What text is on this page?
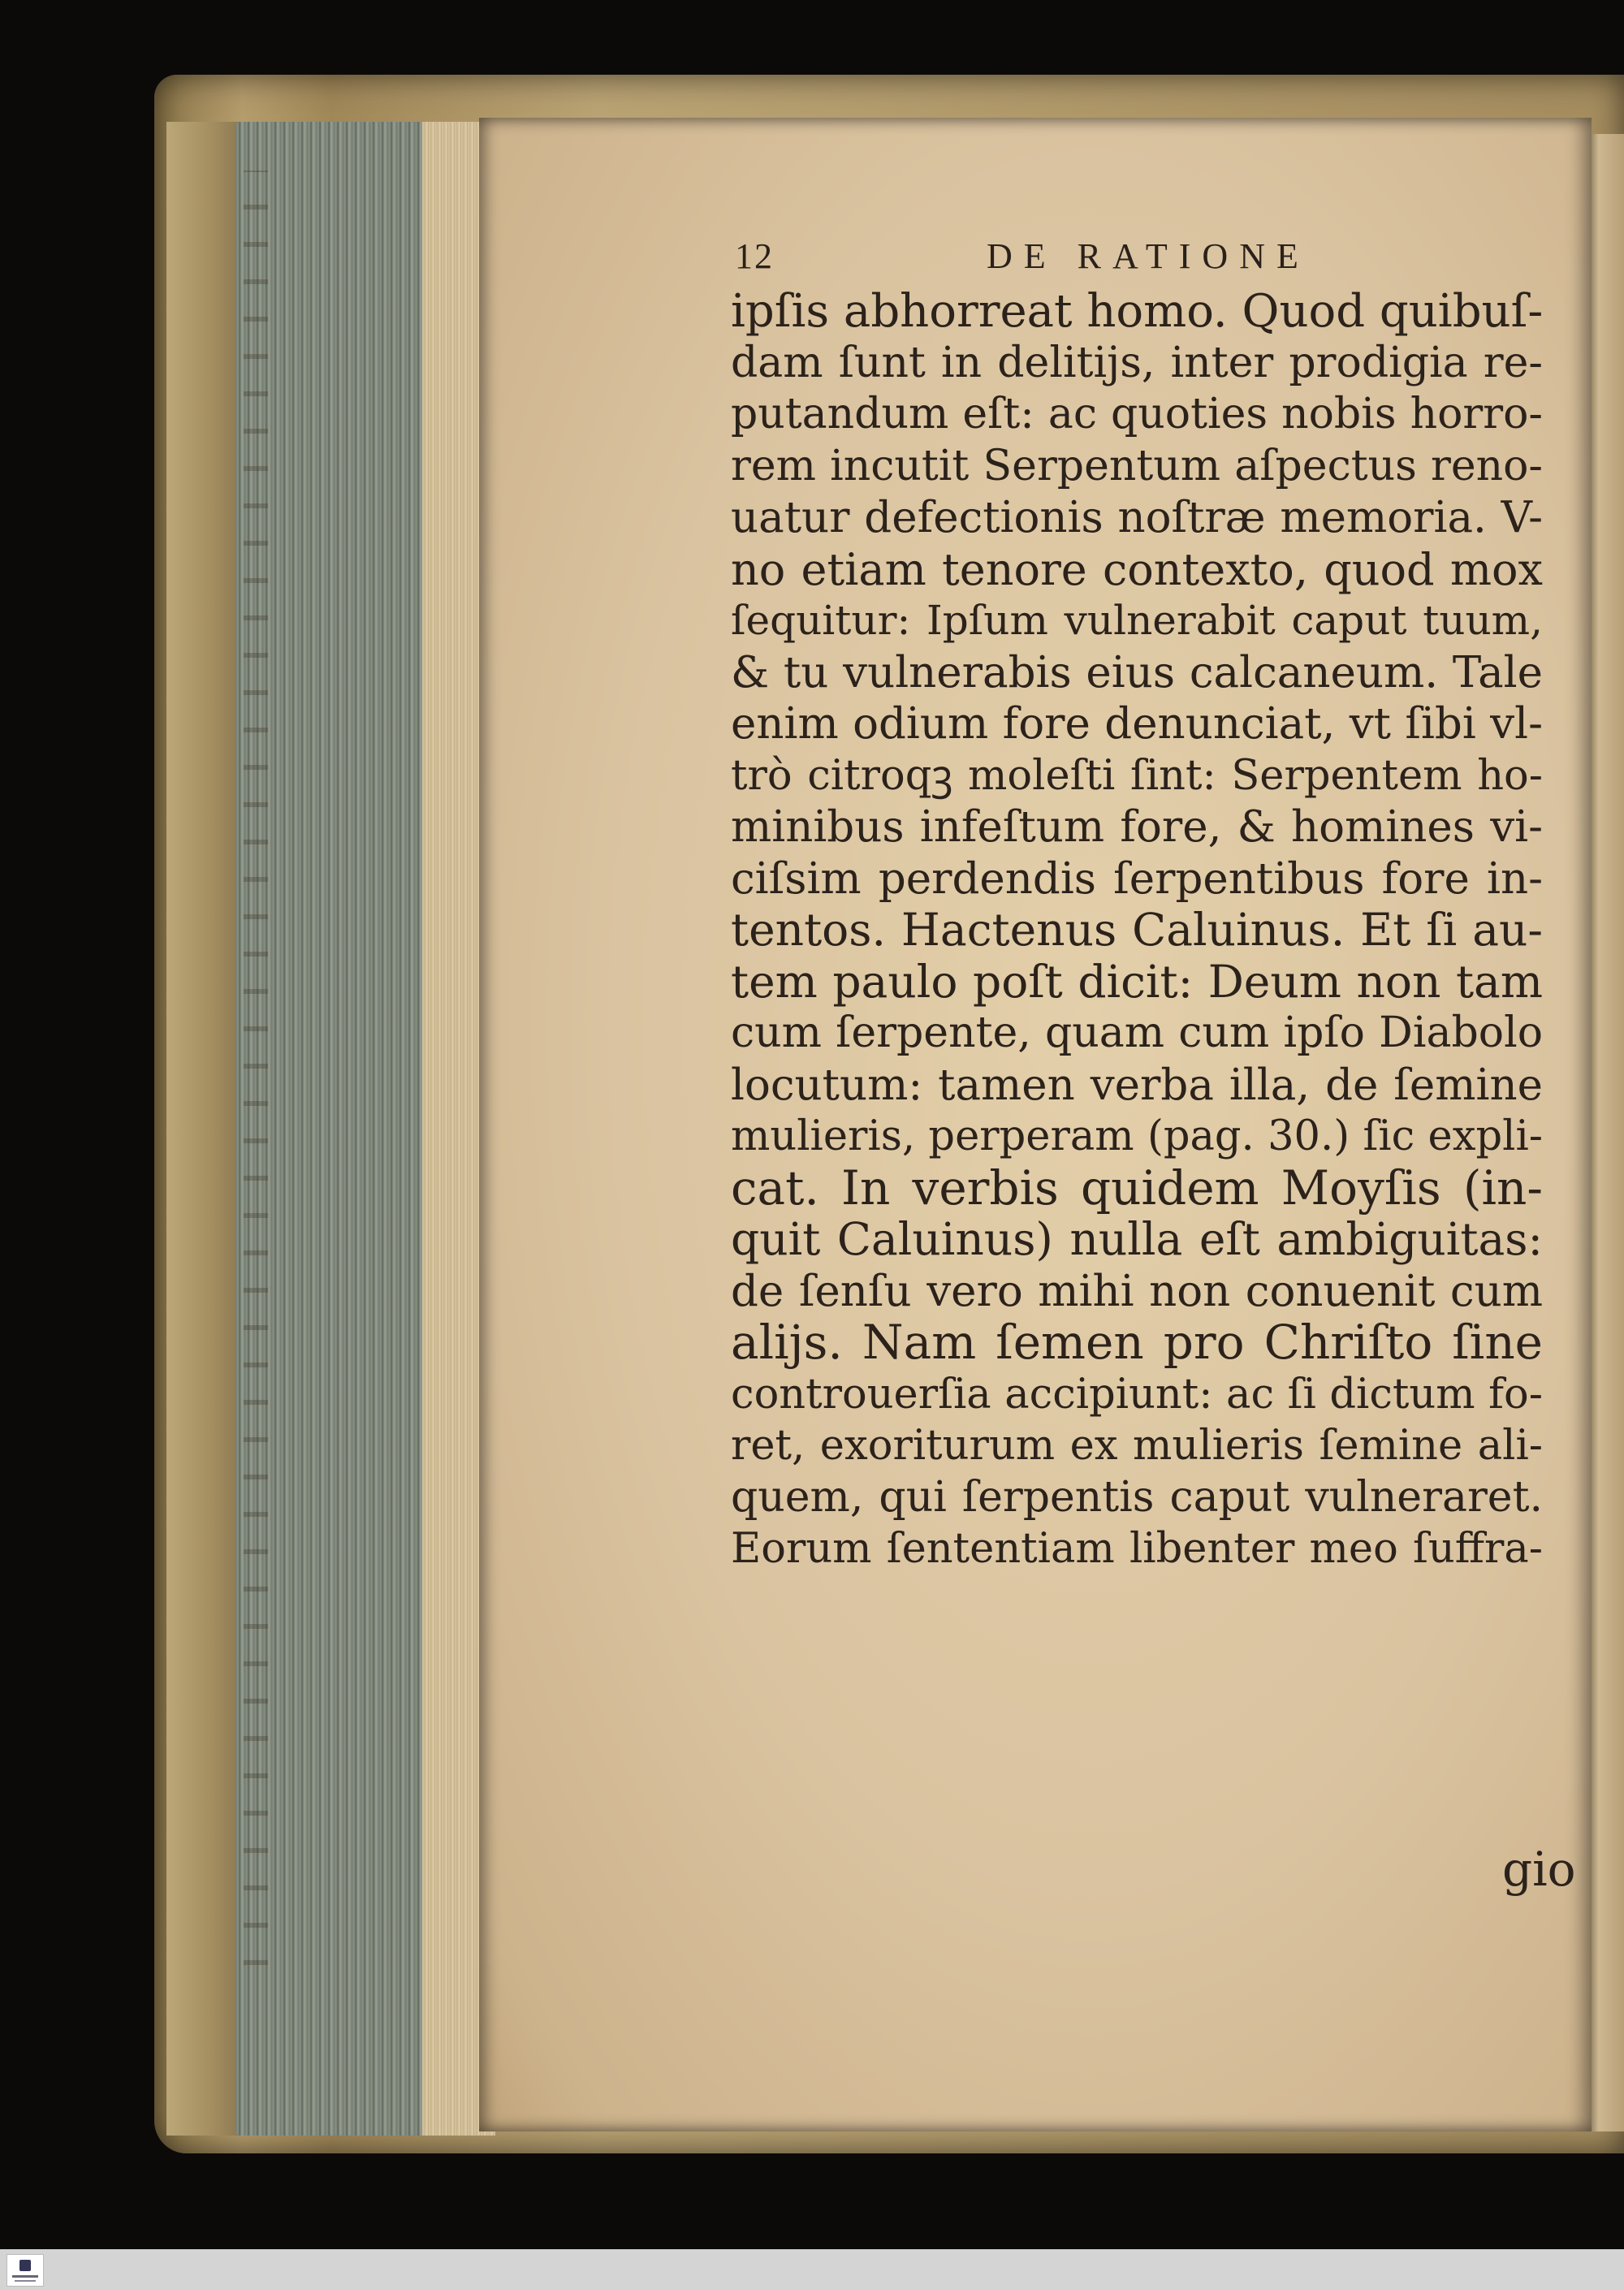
12	DE RATIONE
ipſis abhorreat homo. Quod quibuſ-
dam ſunt in delitijs, inter prodigia re-
putandum eſt: ac quoties nobis horro-
rem incutit Serpentum aſpectus reno-
uatur defectionis noſtræ memoria. V-
no etiam tenore contexto, quod mox
ſequitur: Ipſum vulnerabit caput tuum,
& tu vulnerabis eius calcaneum. Tale
enim odium fore denunciat, vt ſibi vl-
trò citroqꝫ moleſti ſint: Serpentem ho-
minibus infeſtum fore, & homines vi-
ciſsim perdendis ſerpentibus fore in-
tentos. Hactenus Caluinus. Et ſi au-
tem paulo poſt dicit: Deum non tam
cum ſerpente, quam cum ipſo Diabolo
locutum: tamen verba illa, de ſemine
mulieris, perperam (pag. 30.) ſic expli-
cat. In verbis quidem Moyſis (in-
quit Caluinus) nulla eſt ambiguitas:
de ſenſu vero mihi non conuenit cum
alijs. Nam ſemen pro Chriſto ſine
controuerſia accipiunt: ac ſi dictum fo-
ret, exoriturum ex mulieris ſemine ali-
quem, qui ſerpentis caput vulneraret.
Eorum ſententiam libenter meo ſuffra-
gio
